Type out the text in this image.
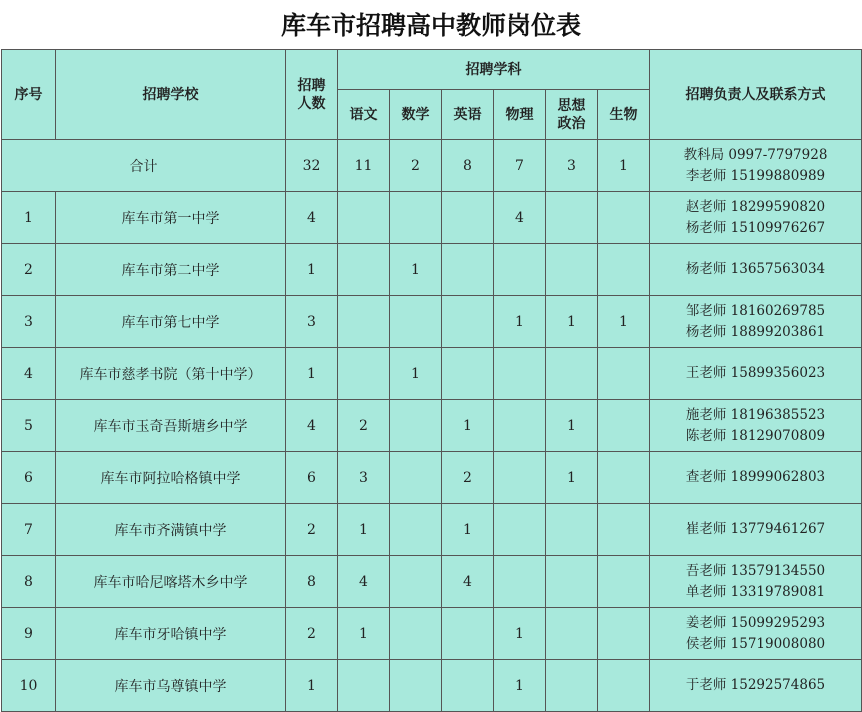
库车市招聘高中教师岗位表
序号	招聘学校	招聘人数	招聘学科						招聘负责人及联系方式
			语文	数学	英语	物理	思想政治	生物	
合计		32	11	2	8	7	3	1	教科局 0997-7797928
李老师 15199880989

1	库车市第一中学	4				4			赵老师 18299590820
杨老师 15109976267

2	库车市第二中学	1		1					杨老师 13657563034

3	库车市第七中学	3				1	1	1	邹老师 18160269785
杨老师 18899203861

4	库车市慈孝书院（第十中学）	1		1					王老师 15899356023

5	库车市玉奇吾斯塘乡中学	4	2		1		1		施老师 18196385523
陈老师 18129070809

6	库车市阿拉哈格镇中学	6	3		2		1		查老师 18999062803

7	库车市齐满镇中学	2	1		1				崔老师 13779461267

8	库车市哈尼喀塔木乡中学	8	4		4				吾老师 13579134550
单老师 13319789081

9	库车市牙哈镇中学	2	1			1			姜老师 15099295293
侯老师 15719008080

10	库车市乌尊镇中学	1				1			于老师 15292574865
